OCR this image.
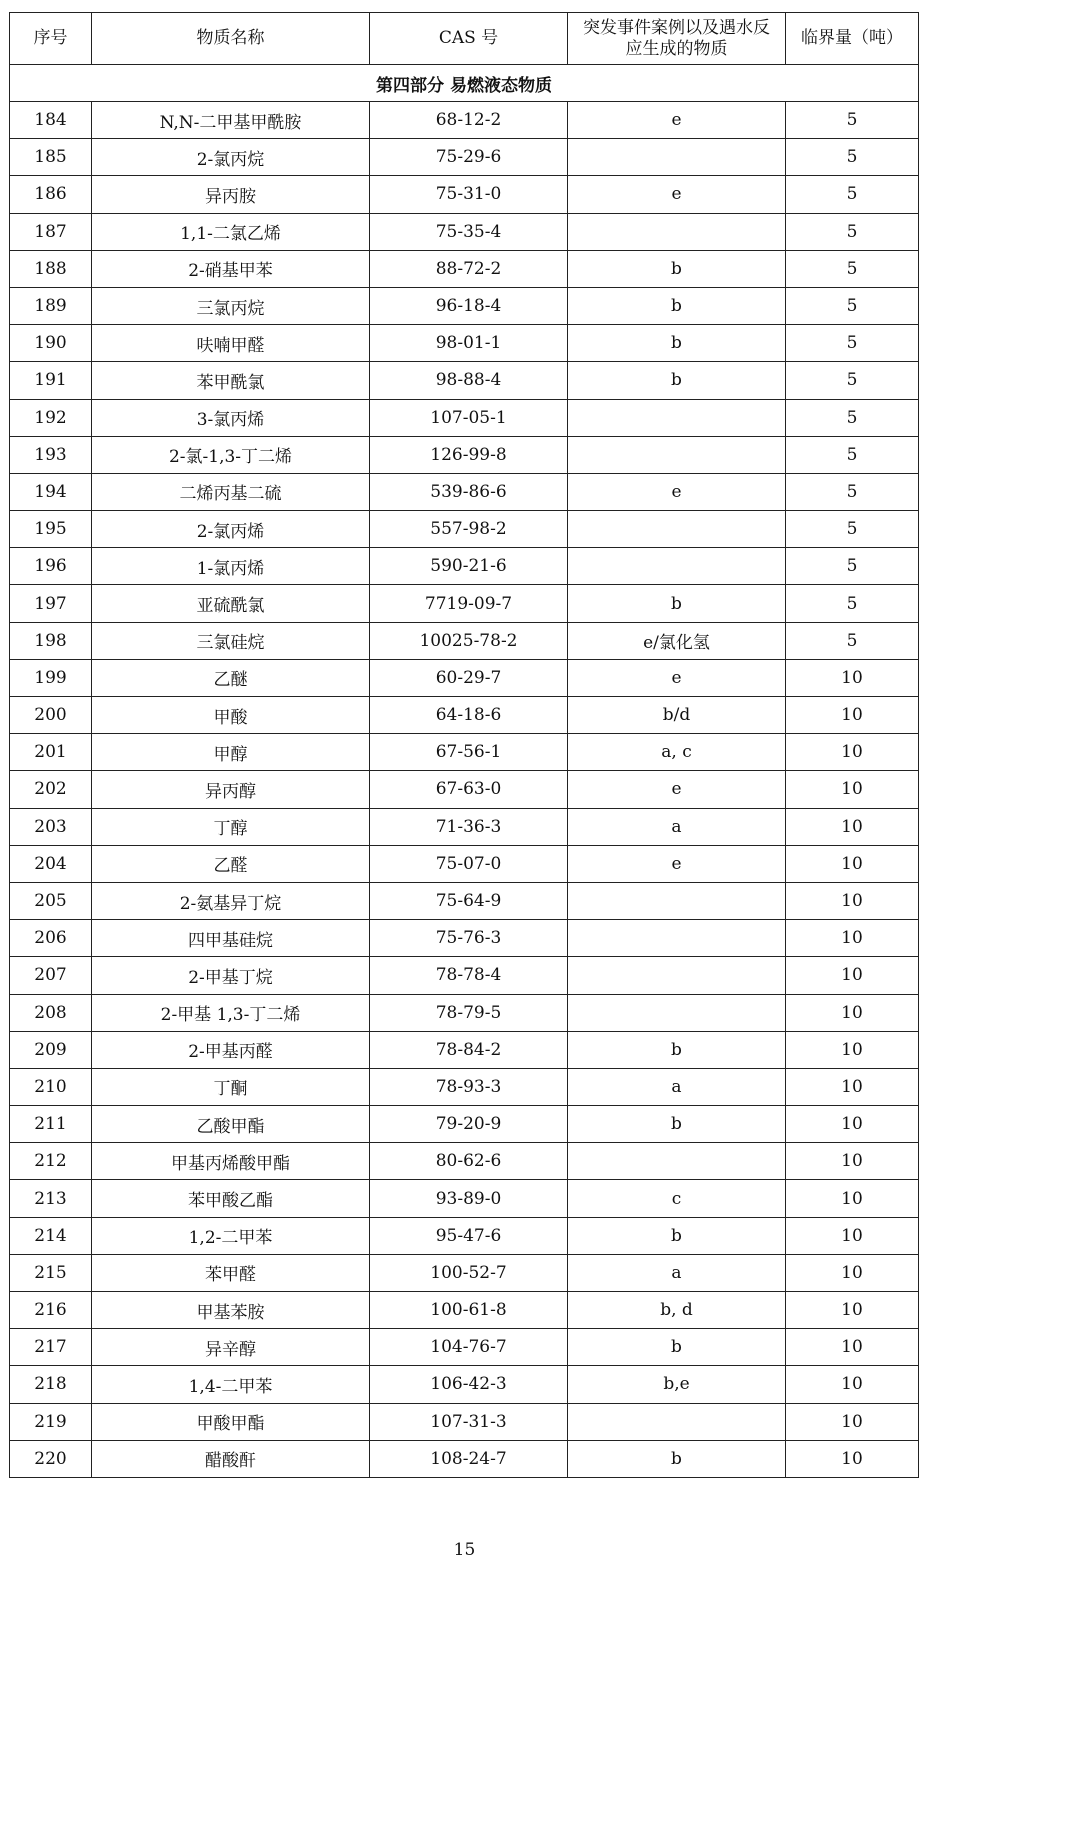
序号	物质名称	CAS 号	突发事件案例以及遇水反应生成的物质	临界量（吨）
第四部分 易燃液态物质				
184	N,N-二甲基甲酰胺	68-12-2	e	5
185	2-氯丙烷	75-29-6		5
186	异丙胺	75-31-0	e	5
187	1,1-二氯乙烯	75-35-4		5
188	2-硝基甲苯	88-72-2	b	5
189	三氯丙烷	96-18-4	b	5
190	呋喃甲醛	98-01-1	b	5
191	苯甲酰氯	98-88-4	b	5
192	3-氯丙烯	107-05-1		5
193	2-氯-1,3-丁二烯	126-99-8		5
194	二烯丙基二硫	539-86-6	e	5
195	2-氯丙烯	557-98-2		5
196	1-氯丙烯	590-21-6		5
197	亚硫酰氯	7719-09-7	b	5
198	三氯硅烷	10025-78-2	e/氯化氢	5
199	乙醚	60-29-7	e	10
200	甲酸	64-18-6	b/d	10
201	甲醇	67-56-1	a, c	10
202	异丙醇	67-63-0	e	10
203	丁醇	71-36-3	a	10
204	乙醛	75-07-0	e	10
205	2-氨基异丁烷	75-64-9		10
206	四甲基硅烷	75-76-3		10
207	2-甲基丁烷	78-78-4		10
208	2-甲基 1,3-丁二烯	78-79-5		10
209	2-甲基丙醛	78-84-2	b	10
210	丁酮	78-93-3	a	10
211	乙酸甲酯	79-20-9	b	10
212	甲基丙烯酸甲酯	80-62-6		10
213	苯甲酸乙酯	93-89-0	c	10
214	1,2-二甲苯	95-47-6	b	10
215	苯甲醛	100-52-7	a	10
216	甲基苯胺	100-61-8	b, d	10
217	异辛醇	104-76-7	b	10
218	1,4-二甲苯	106-42-3	b,e	10
219	甲酸甲酯	107-31-3		10
220	醋酸酐	108-24-7	b	10
15
